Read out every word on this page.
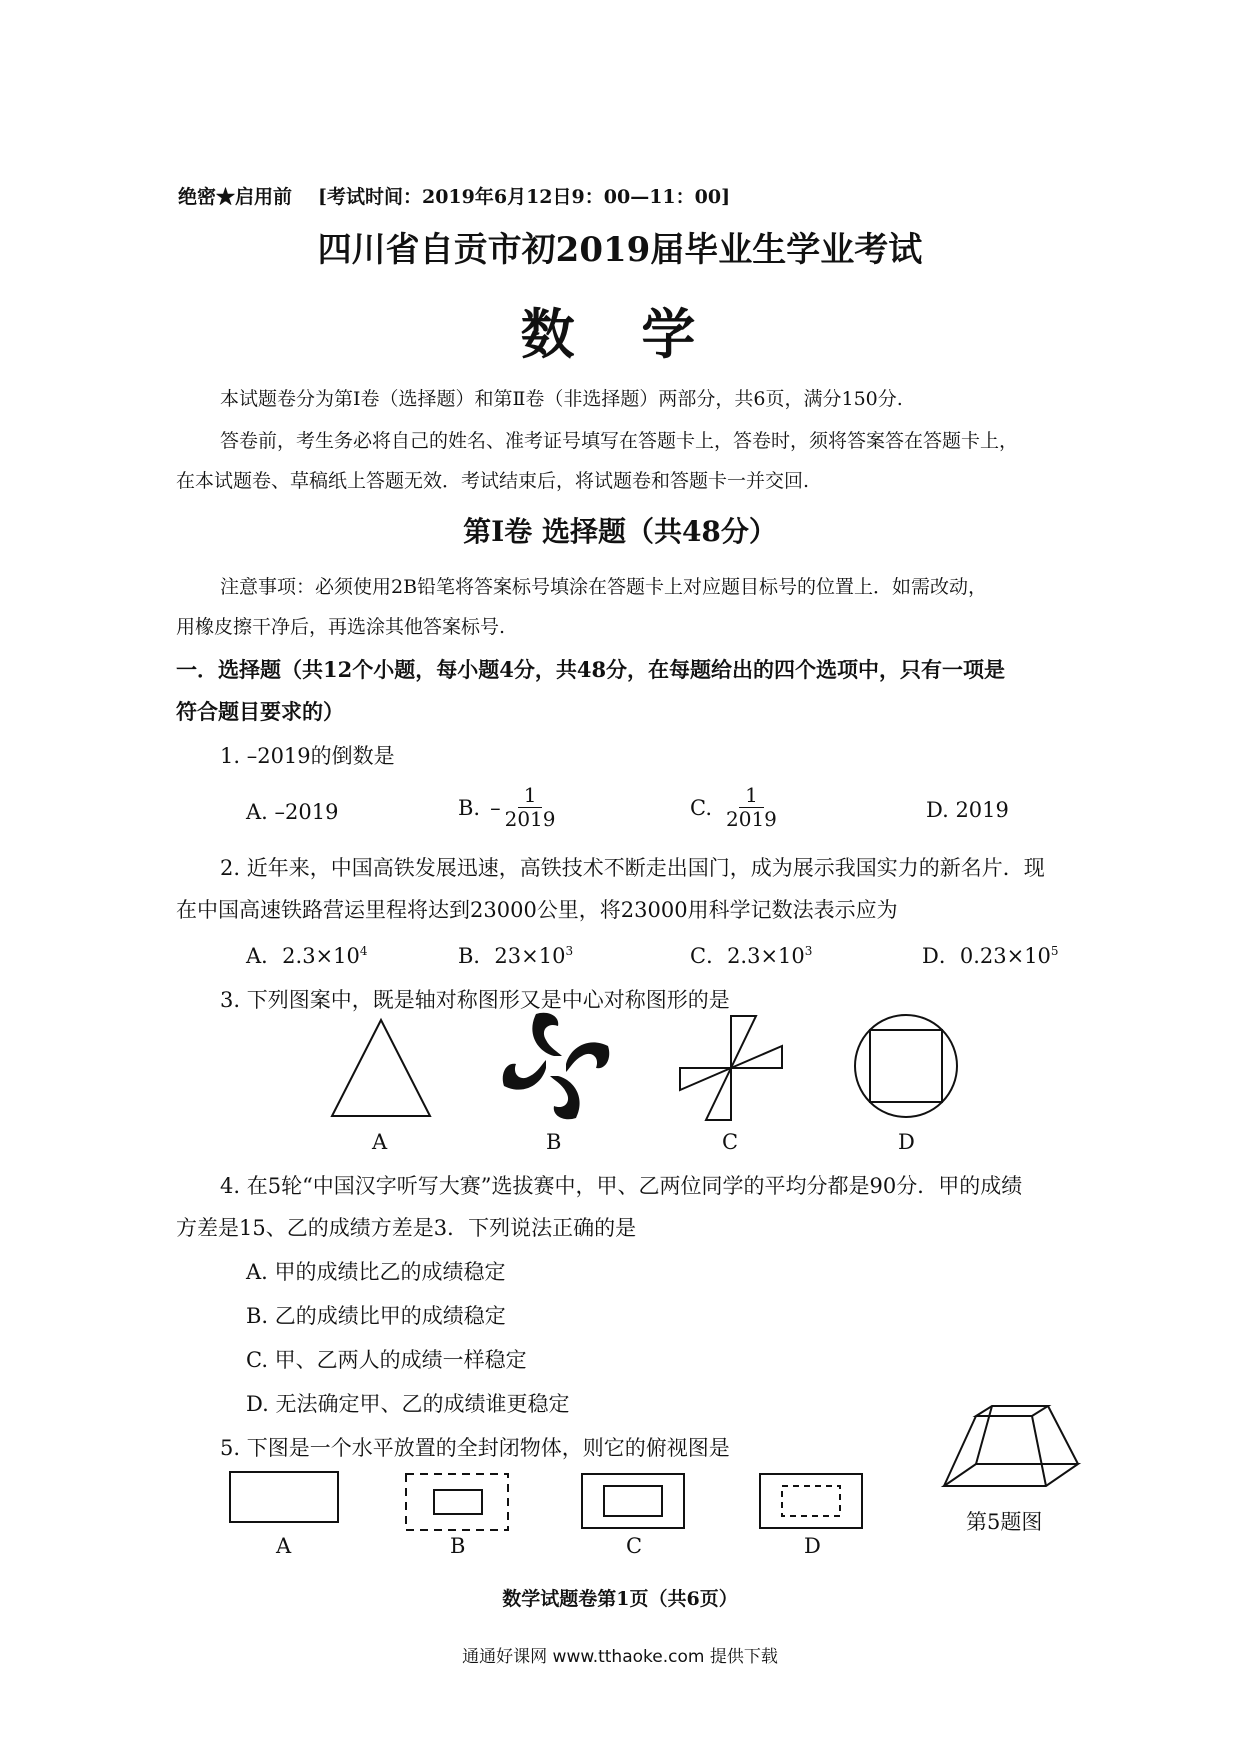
绝密★启用前 [考试时间：2019年6月12日9：00—11：00]
四川省自贡市初2019届毕业生学业考试
数 学
本试题卷分为第Ⅰ卷（选择题）和第Ⅱ卷（非选择题）两部分，共6页，满分150分.
答卷前，考生务必将自己的姓名、准考证号填写在答题卡上，答卷时，须将答案答在答题卡上，
在本试题卷、草稿纸上答题无效．考试结束后，将试题卷和答题卡一并交回.
第Ⅰ卷 选择题（共48分）
注意事项：必须使用2B铅笔将答案标号填涂在答题卡上对应题目标号的位置上．如需改动，
用橡皮擦干净后，再选涂其他答案标号.
一．选择题（共12个小题，每小题4分，共48分，在每题给出的四个选项中，只有一项是
符合题目要求的）
1. –2019的倒数是
A. –2019	B. – $\frac{1}{2019}$	C. $\frac{1}{2019}$	D. 2019
2. 近年来，中国高铁发展迅速，高铁技术不断走出国门，成为展示我国实力的新名片．现
在中国高速铁路营运里程将达到23000公里，将23000用科学记数法表示应为
A．$2.3\times 10^4$	B．$23\times 10^3$	C．$2.3\times 10^3$	D．$0.23\times 10^5$
3. 下列图案中，既是轴对称图形又是中心对称图形的是
A	B	C	D
4. 在5轮“中国汉字听写大赛”选拔赛中，甲、乙两位同学的平均分都是90分．甲的成绩
方差是15、乙的成绩方差是3．下列说法正确的是
A. 甲的成绩比乙的成绩稳定
B. 乙的成绩比甲的成绩稳定
C. 甲、乙两人的成绩一样稳定
D. 无法确定甲、乙的成绩谁更稳定
5. 下图是一个水平放置的全封闭物体，则它的俯视图是
第5题图
A	B	C	D
数学试题卷第1页（共6页）
通通好课网 www.tthaoke.com 提供下载
